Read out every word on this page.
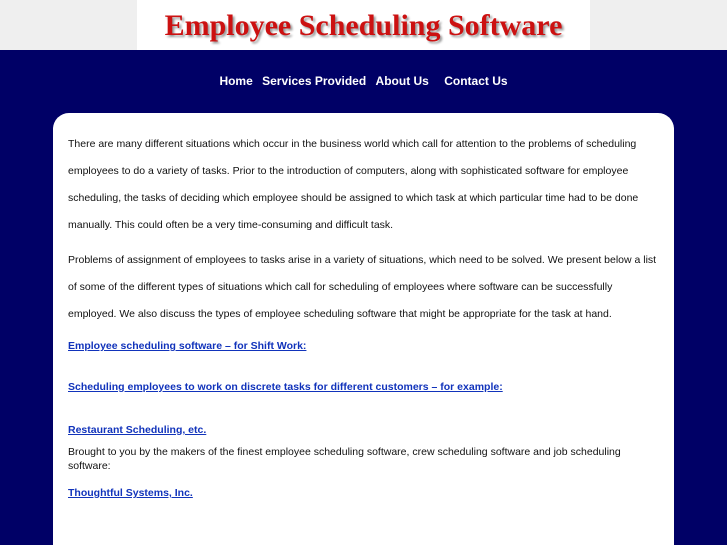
Employee Scheduling Software
Home Services Provided About Us Contact Us

There are many different situations which occur in the business world which call for attention to the problems of scheduling employees to do a variety of tasks. Prior to the introduction of computers, along with sophisticated software for employee scheduling, the tasks of deciding which employee should be assigned to which task at which particular time had to be done manually. This could often be a very time-consuming and difficult task.

Problems of assignment of employees to tasks arise in a variety of situations, which need to be solved. We present below a list of some of the different types of situations which call for scheduling of employees where software can be successfully employed. We also discuss the types of employee scheduling software that might be appropriate for the task at hand.

Employee scheduling software – for Shift Work:
Scheduling employees to work on discrete tasks for different customers – for example:
Restaurant Scheduling, etc.
Brought to you by the makers of the finest employee scheduling software, crew scheduling software and job scheduling software:
Thoughtful Systems, Inc.
